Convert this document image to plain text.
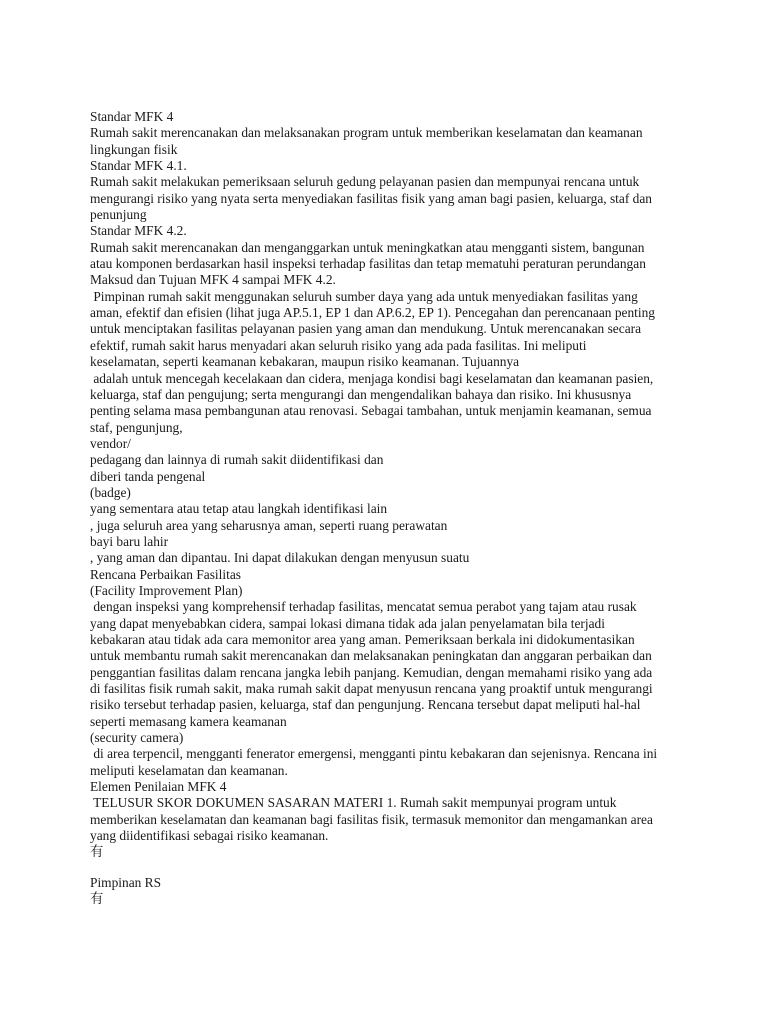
Standar MFK 4
Rumah sakit merencanakan dan melaksanakan program untuk memberikan keselamatan dan keamanan
lingkungan fisik
Standar MFK 4.1.
Rumah sakit melakukan pemeriksaan seluruh gedung pelayanan pasien dan mempunyai rencana untuk
mengurangi risiko yang nyata serta menyediakan fasilitas fisik yang aman bagi pasien, keluarga, staf dan
penunjung
Standar MFK 4.2.
Rumah sakit merencanakan dan menganggarkan untuk meningkatkan atau mengganti sistem, bangunan
atau komponen berdasarkan hasil inspeksi terhadap fasilitas dan tetap mematuhi peraturan perundangan
Maksud dan Tujuan MFK 4 sampai MFK 4.2.
Pimpinan rumah sakit menggunakan seluruh sumber daya yang ada untuk menyediakan fasilitas yang
aman, efektif dan efisien (lihat juga AP.5.1, EP 1 dan AP.6.2, EP 1). Pencegahan dan perencanaan penting
untuk menciptakan fasilitas pelayanan pasien yang aman dan mendukung. Untuk merencanakan secara
efektif, rumah sakit harus menyadari akan seluruh risiko yang ada pada fasilitas. Ini meliputi
keselamatan, seperti keamanan kebakaran, maupun risiko keamanan. Tujuannya
adalah untuk mencegah kecelakaan dan cidera, menjaga kondisi bagi keselamatan dan keamanan pasien,
keluarga, staf dan pengujung; serta mengurangi dan mengendalikan bahaya dan risiko. Ini khususnya
penting selama masa pembangunan atau renovasi. Sebagai tambahan, untuk menjamin keamanan, semua
staf, pengunjung,
vendor/
pedagang dan lainnya di rumah sakit diidentifikasi dan
diberi tanda pengenal
(badge)
yang sementara atau tetap atau langkah identifikasi lain
, juga seluruh area yang seharusnya aman, seperti ruang perawatan
bayi baru lahir
, yang aman dan dipantau. Ini dapat dilakukan dengan menyusun suatu
Rencana Perbaikan Fasilitas
(Facility Improvement Plan)
dengan inspeksi yang komprehensif terhadap fasilitas, mencatat semua perabot yang tajam atau rusak
yang dapat menyebabkan cidera, sampai lokasi dimana tidak ada jalan penyelamatan bila terjadi
kebakaran atau tidak ada cara memonitor area yang aman. Pemeriksaan berkala ini didokumentasikan
untuk membantu rumah sakit merencanakan dan melaksanakan peningkatan dan anggaran perbaikan dan
penggantian fasilitas dalam rencana jangka lebih panjang. Kemudian, dengan memahami risiko yang ada
di fasilitas fisik rumah sakit, maka rumah sakit dapat menyusun rencana yang proaktif untuk mengurangi
risiko tersebut terhadap pasien, keluarga, staf dan pengunjung. Rencana tersebut dapat meliputi hal-hal
seperti memasang kamera keamanan
(security camera)
di area terpencil, mengganti fenerator emergensi, mengganti pintu kebakaran dan sejenisnya. Rencana ini
meliputi keselamatan dan keamanan.
Elemen Penilaian MFK 4
TELUSUR SKOR DOKUMEN SASARAN MATERI 1. Rumah sakit mempunyai program untuk
memberikan keselamatan dan keamanan bagi fasilitas fisik, termasuk memonitor dan mengamankan area
yang diidentifikasi sebagai risiko keamanan.
有
Pimpinan RS
有
